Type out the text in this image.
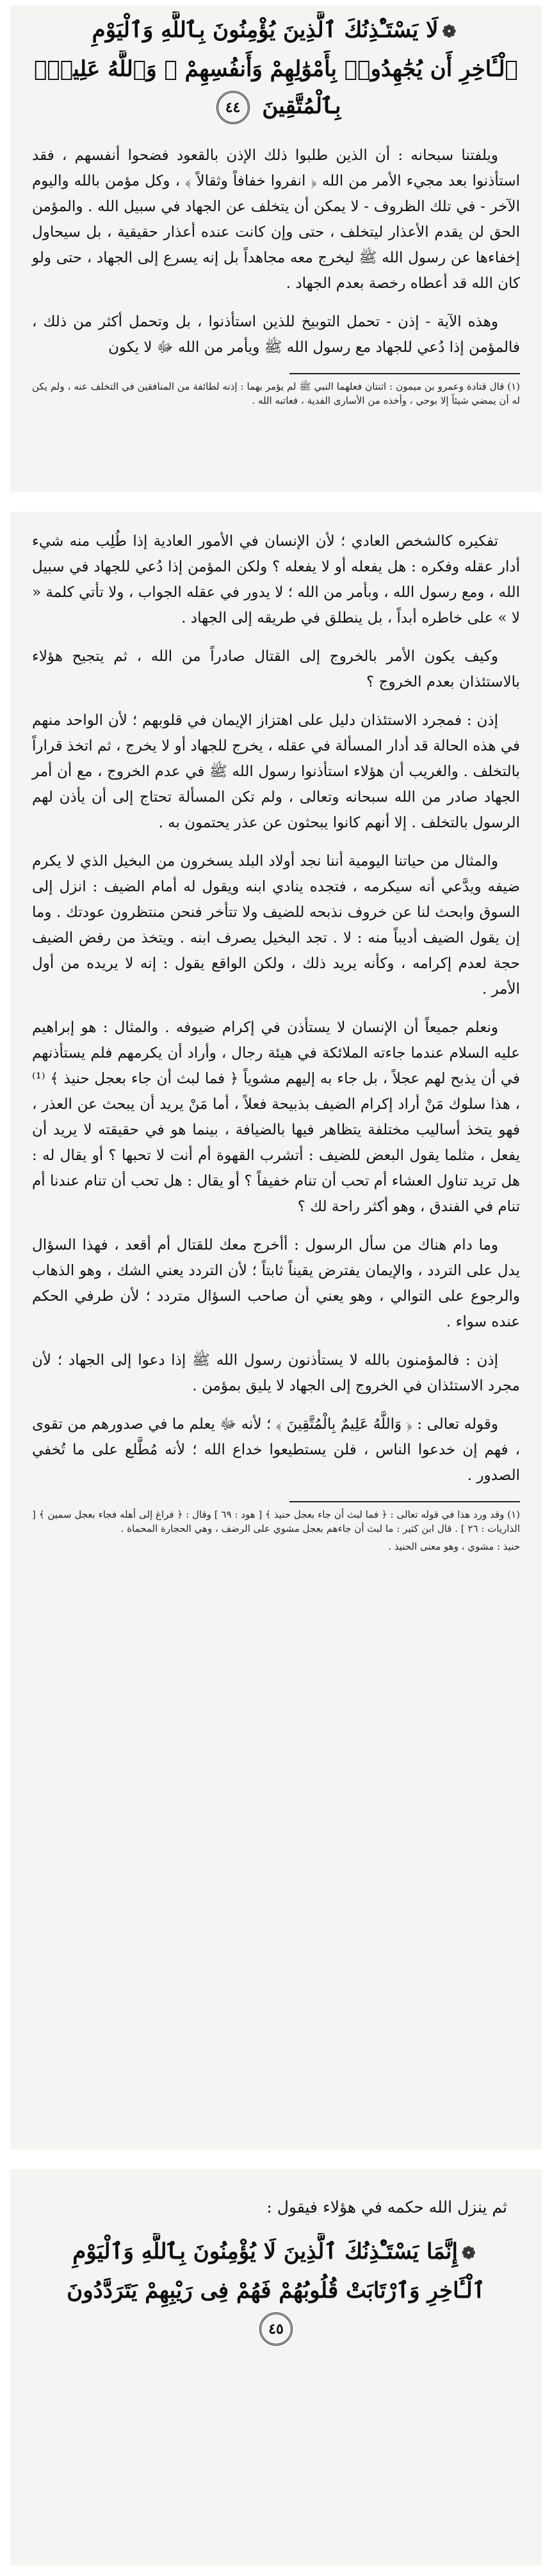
❁لَا يَسْتَـْٔذِنُكَ ٱلَّذِينَ يُؤْمِنُونَ بِٱللَّهِ وَٱلْيَوْمِ
ٱلْـَٔاخِرِ أَن يُجَٰهِدُوا۟ بِأَمْوَٰلِهِمْ وَأَنفُسِهِمْ ۗ وَٱللَّهُ عَلِيمٌۢ
بِٱلْمُتَّقِينَ ٤٤

ويلفتنا سبحانه : أن الذين طلبوا ذلك الإذن بالقعود فضحوا أنفسهم ، فقد استأذنوا بعد مجيء الأمر من الله ﴿ انفروا خفافاً وثقالاً ﴾ ، وكل مؤمن بالله واليوم الآخر - في تلك الظروف - لا يمكن أن يتخلف عن الجهاد في سبيل الله . والمؤمن الحق لن يقدم الأعذار ليتخلف ، حتى وإن كانت عنده أعذار حقيقية ، بل سيحاول إخفاءها عن رسول الله ﷺ ليخرج معه مجاهداً بل إنه يسرع إلى الجهاد ، حتى ولو كان الله قد أعطاه رخصة بعدم الجهاد .

وهذه الآية - إذن - تحمل التوبيخ للذين استأذنوا ، بل وتحمل أكثر من ذلك ، فالمؤمن إذا دُعي للجهاد مع رسول الله ﷺ ويأمر من الله ﷻ لا يكون

(١) قال قتادة وعمرو بن ميمون : اثنتان فعلهما النبي ﷺ لم يؤمر بهما : إذنه لطائفة من المنافقين في التخلف عنه ، ولم يكن له أن يمضي شيئاً إلا بوحي ، وأخذه من الأسارى الفدية ، فعاتبه الله .

تفكيره كالشخص العادي ؛ لأن الإنسان في الأمور العادية إذا طُلِب منه شيء أدار عقله وفكره : هل يفعله أو لا يفعله ؟ ولكن المؤمن إذا دُعي للجهاد في سبيل الله ، ومع رسول الله ، وبأمر من الله ؛ لا يدور في عقله الجواب ، ولا تأتي كلمة « لا » على خاطره أبداً ، بل ينطلق في طريقه إلى الجهاد .

وكيف يكون الأمر بالخروج إلى القتال صادراً من الله ، ثم يتجيح هؤلاء بالاستئذان بعدم الخروج ؟

إذن : فمجرد الاستئذان دليل على اهتزاز الإيمان في قلوبهم ؛ لأن الواحد منهم في هذه الحالة قد أدار المسألة في عقله ، يخرج للجهاد أو لا يخرج ، ثم اتخذ قراراً بالتخلف . والغريب أن هؤلاء استأذنوا رسول الله ﷺ في عدم الخروج ، مع أن أمر الجهاد صادر من الله سبحانه وتعالى ، ولم تكن المسألة تحتاج إلى أن يأذن لهم الرسول بالتخلف . إلا أنهم كانوا يبحثون عن عذر يحتمون به .

والمثال من حياتنا اليومية أننا نجد أولاد البلد يسخرون من البخيل الذي لا يكرم ضيفه ويدَّعي أنه سيكرمه ، فتجده ينادي ابنه ويقول له أمام الضيف : انزل إلى السوق وابحث لنا عن خروف نذبحه للضيف ولا تتأخر فنحن منتظرون عودتك . وما إن يقول الضيف أديباً منه : لا . تجد البخيل يصرف ابنه . ويتخذ من رفض الضيف حجة لعدم إكرامه ، وكأنه يريد ذلك ، ولكن الواقع يقول : إنه لا يريده من أول الأمر .

ونعلم جميعاً أن الإنسان لا يستأذن في إكرام ضيوفه . والمثال : هو إبراهيم عليه السلام عندما جاءته الملائكة في هيئة رجال ، وأراد أن يكرمهم فلم يستأذنهم في أن يذبح لهم عجلاً ، بل جاء به إليهم مشوياً ﴿ فما لبث أن جاء بعجل حنيذ ﴾ ⁽¹⁾ ، هذا سلوك مَنْ أراد إكرام الضيف بذبيحة فعلاً ، أما مَنْ يريد أن يبحث عن العذر ، فهو يتخذ أساليب مختلفة يتظاهر فيها بالضيافة ، بينما هو في حقيقته لا يريد أن يفعل ، مثلما يقول البعض للضيف : أتشرب القهوة أم أنت لا تحبها ؟ أو يقال له : هل تريد تناول العشاء أم تحب أن تنام خفيفاً ؟ أو يقال : هل تحب أن تنام عندنا أم تنام في الفندق ، وهو أكثر راحة لك ؟

وما دام هناك من سأل الرسول : أأخرج معك للقتال أم أقعد ، فهذا السؤال يدل على التردد ، والإيمان يفترض يقيناً ثابتاً ؛ لأن التردد يعني الشك ، وهو الذهاب والرجوع على التوالي ، وهو يعني أن صاحب السؤال متردد ؛ لأن طرفي الحكم عنده سواء .

إذن : فالمؤمنون بالله لا يستأذنون رسول الله ﷺ إذا دعوا إلى الجهاد ؛ لأن مجرد الاستئذان في الخروج إلى الجهاد لا يليق بمؤمن .

وقوله تعالى : ﴿ وَاللَّهُ عَلِيمٌ بِالْمُتَّقِينَ ﴾ ؛ لأنه ﷻ يعلم ما في صدورهم من تقوى ، فهم إن خدعوا الناس ، فلن يستطيعوا خداع الله ؛ لأنه مُطَّلع على ما تُخفي الصدور .

(١) وقد ورد هذا في قوله تعالى : ﴿ فما لبث أن جاء بعجل حنيذ ﴾ [ هود : ٦٩ ] وقال : ﴿ فراغ إلى أهله فجاء بعجل سمين ﴾ [ الذاريات : ٢٦ ] . قال ابن كثير : ما لبث أن جاءهم بعجل مشوي على الرضف ، وهي الحجارة المحماة .

حنيذ : مشوي ، وهو معنى الحنيذ .

ثم ينزل الله حكمه في هؤلاء فيقول :
❁إِنَّمَا يَسْتَـْٔذِنُكَ ٱلَّذِينَ لَا يُؤْمِنُونَ بِٱللَّهِ وَٱلْيَوْمِ
ٱلْـَٔاخِرِ وَٱرْتَابَتْ قُلُوبُهُمْ فَهُمْ فِى رَيْبِهِمْ يَتَرَدَّدُونَ
٤٥
